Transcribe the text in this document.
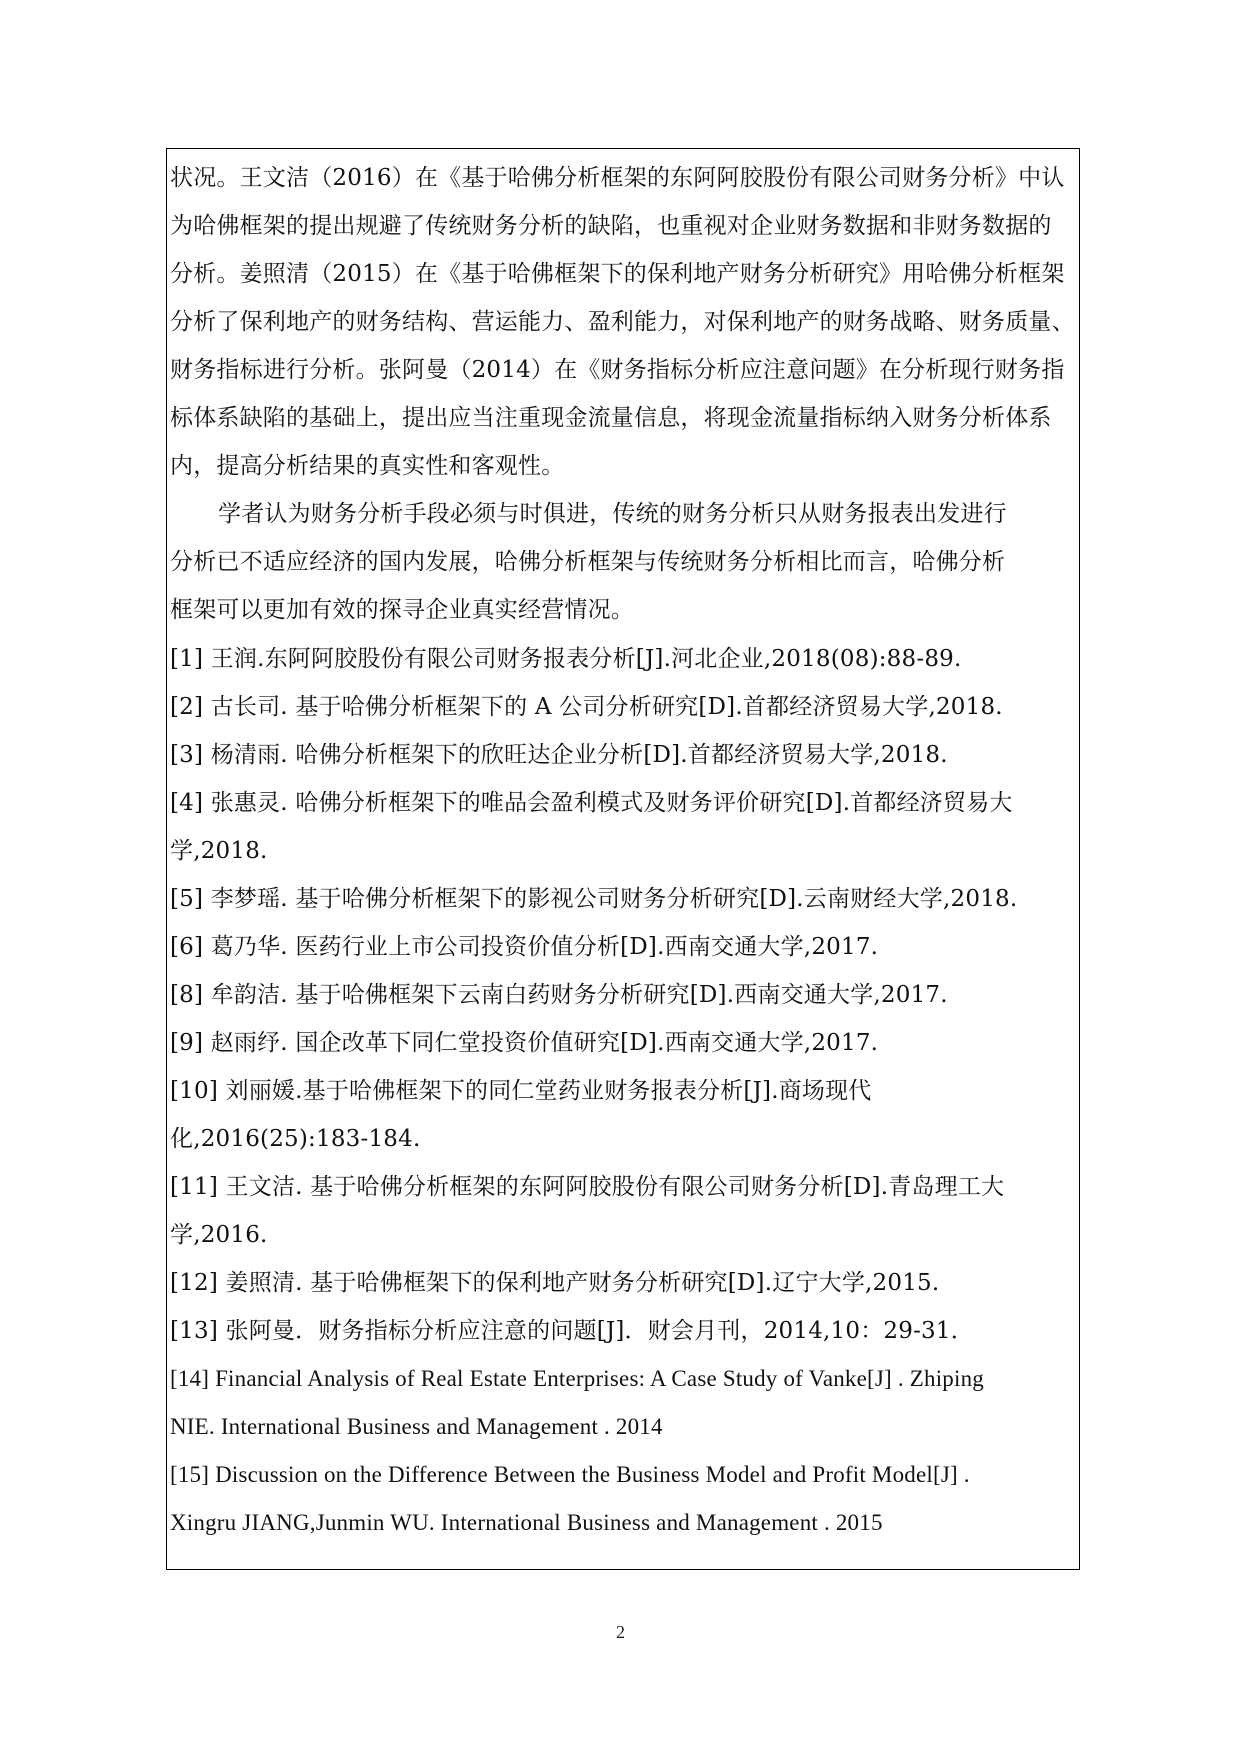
状况。王文洁（2016）在《基于哈佛分析框架的东阿阿胶股份有限公司财务分析》中认
为哈佛框架的提出规避了传统财务分析的缺陷，也重视对企业财务数据和非财务数据的
分析。姜照清（2015）在《基于哈佛框架下的保利地产财务分析研究》用哈佛分析框架
分析了保利地产的财务结构、营运能力、盈利能力，对保利地产的财务战略、财务质量、
财务指标进行分析。张阿曼（2014）在《财务指标分析应注意问题》在分析现行财务指
标体系缺陷的基础上，提出应当注重现金流量信息，将现金流量指标纳入财务分析体系
内，提高分析结果的真实性和客观性。
学者认为财务分析手段必须与时俱进，传统的财务分析只从财务报表出发进行
分析已不适应经济的国内发展，哈佛分析框架与传统财务分析相比而言，哈佛分析
框架可以更加有效的探寻企业真实经营情况。
[1] 王润.东阿阿胶股份有限公司财务报表分析[J].河北企业,2018(08):88-89.
[2] 古长司. 基于哈佛分析框架下的 A 公司分析研究[D].首都经济贸易大学,2018.
[3] 杨清雨. 哈佛分析框架下的欣旺达企业分析[D].首都经济贸易大学,2018.
[4] 张惠灵. 哈佛分析框架下的唯品会盈利模式及财务评价研究[D].首都经济贸易大
学,2018.
[5] 李梦瑶. 基于哈佛分析框架下的影视公司财务分析研究[D].云南财经大学,2018.
[6] 葛乃华. 医药行业上市公司投资价值分析[D].西南交通大学,2017.
[8] 牟韵洁. 基于哈佛框架下云南白药财务分析研究[D].西南交通大学,2017.
[9] 赵雨纾. 国企改革下同仁堂投资价值研究[D].西南交通大学,2017.
[10] 刘丽媛.基于哈佛框架下的同仁堂药业财务报表分析[J].商场现代
化,2016(25):183-184.
[11] 王文洁. 基于哈佛分析框架的东阿阿胶股份有限公司财务分析[D].青岛理工大
学,2016.
[12] 姜照清. 基于哈佛框架下的保利地产财务分析研究[D].辽宁大学,2015.
[13] 张阿曼．财务指标分析应注意的问题[J]．财会月刊，2014,10：29-31．
[14] Financial Analysis of Real Estate Enterprises: A Case Study of Vanke[J] . Zhiping
NIE. International Business and Management . 2014
[15] Discussion on the Difference Between the Business Model and Profit Model[J] .
Xingru JIANG,Junmin WU. International Business and Management . 2015
2
